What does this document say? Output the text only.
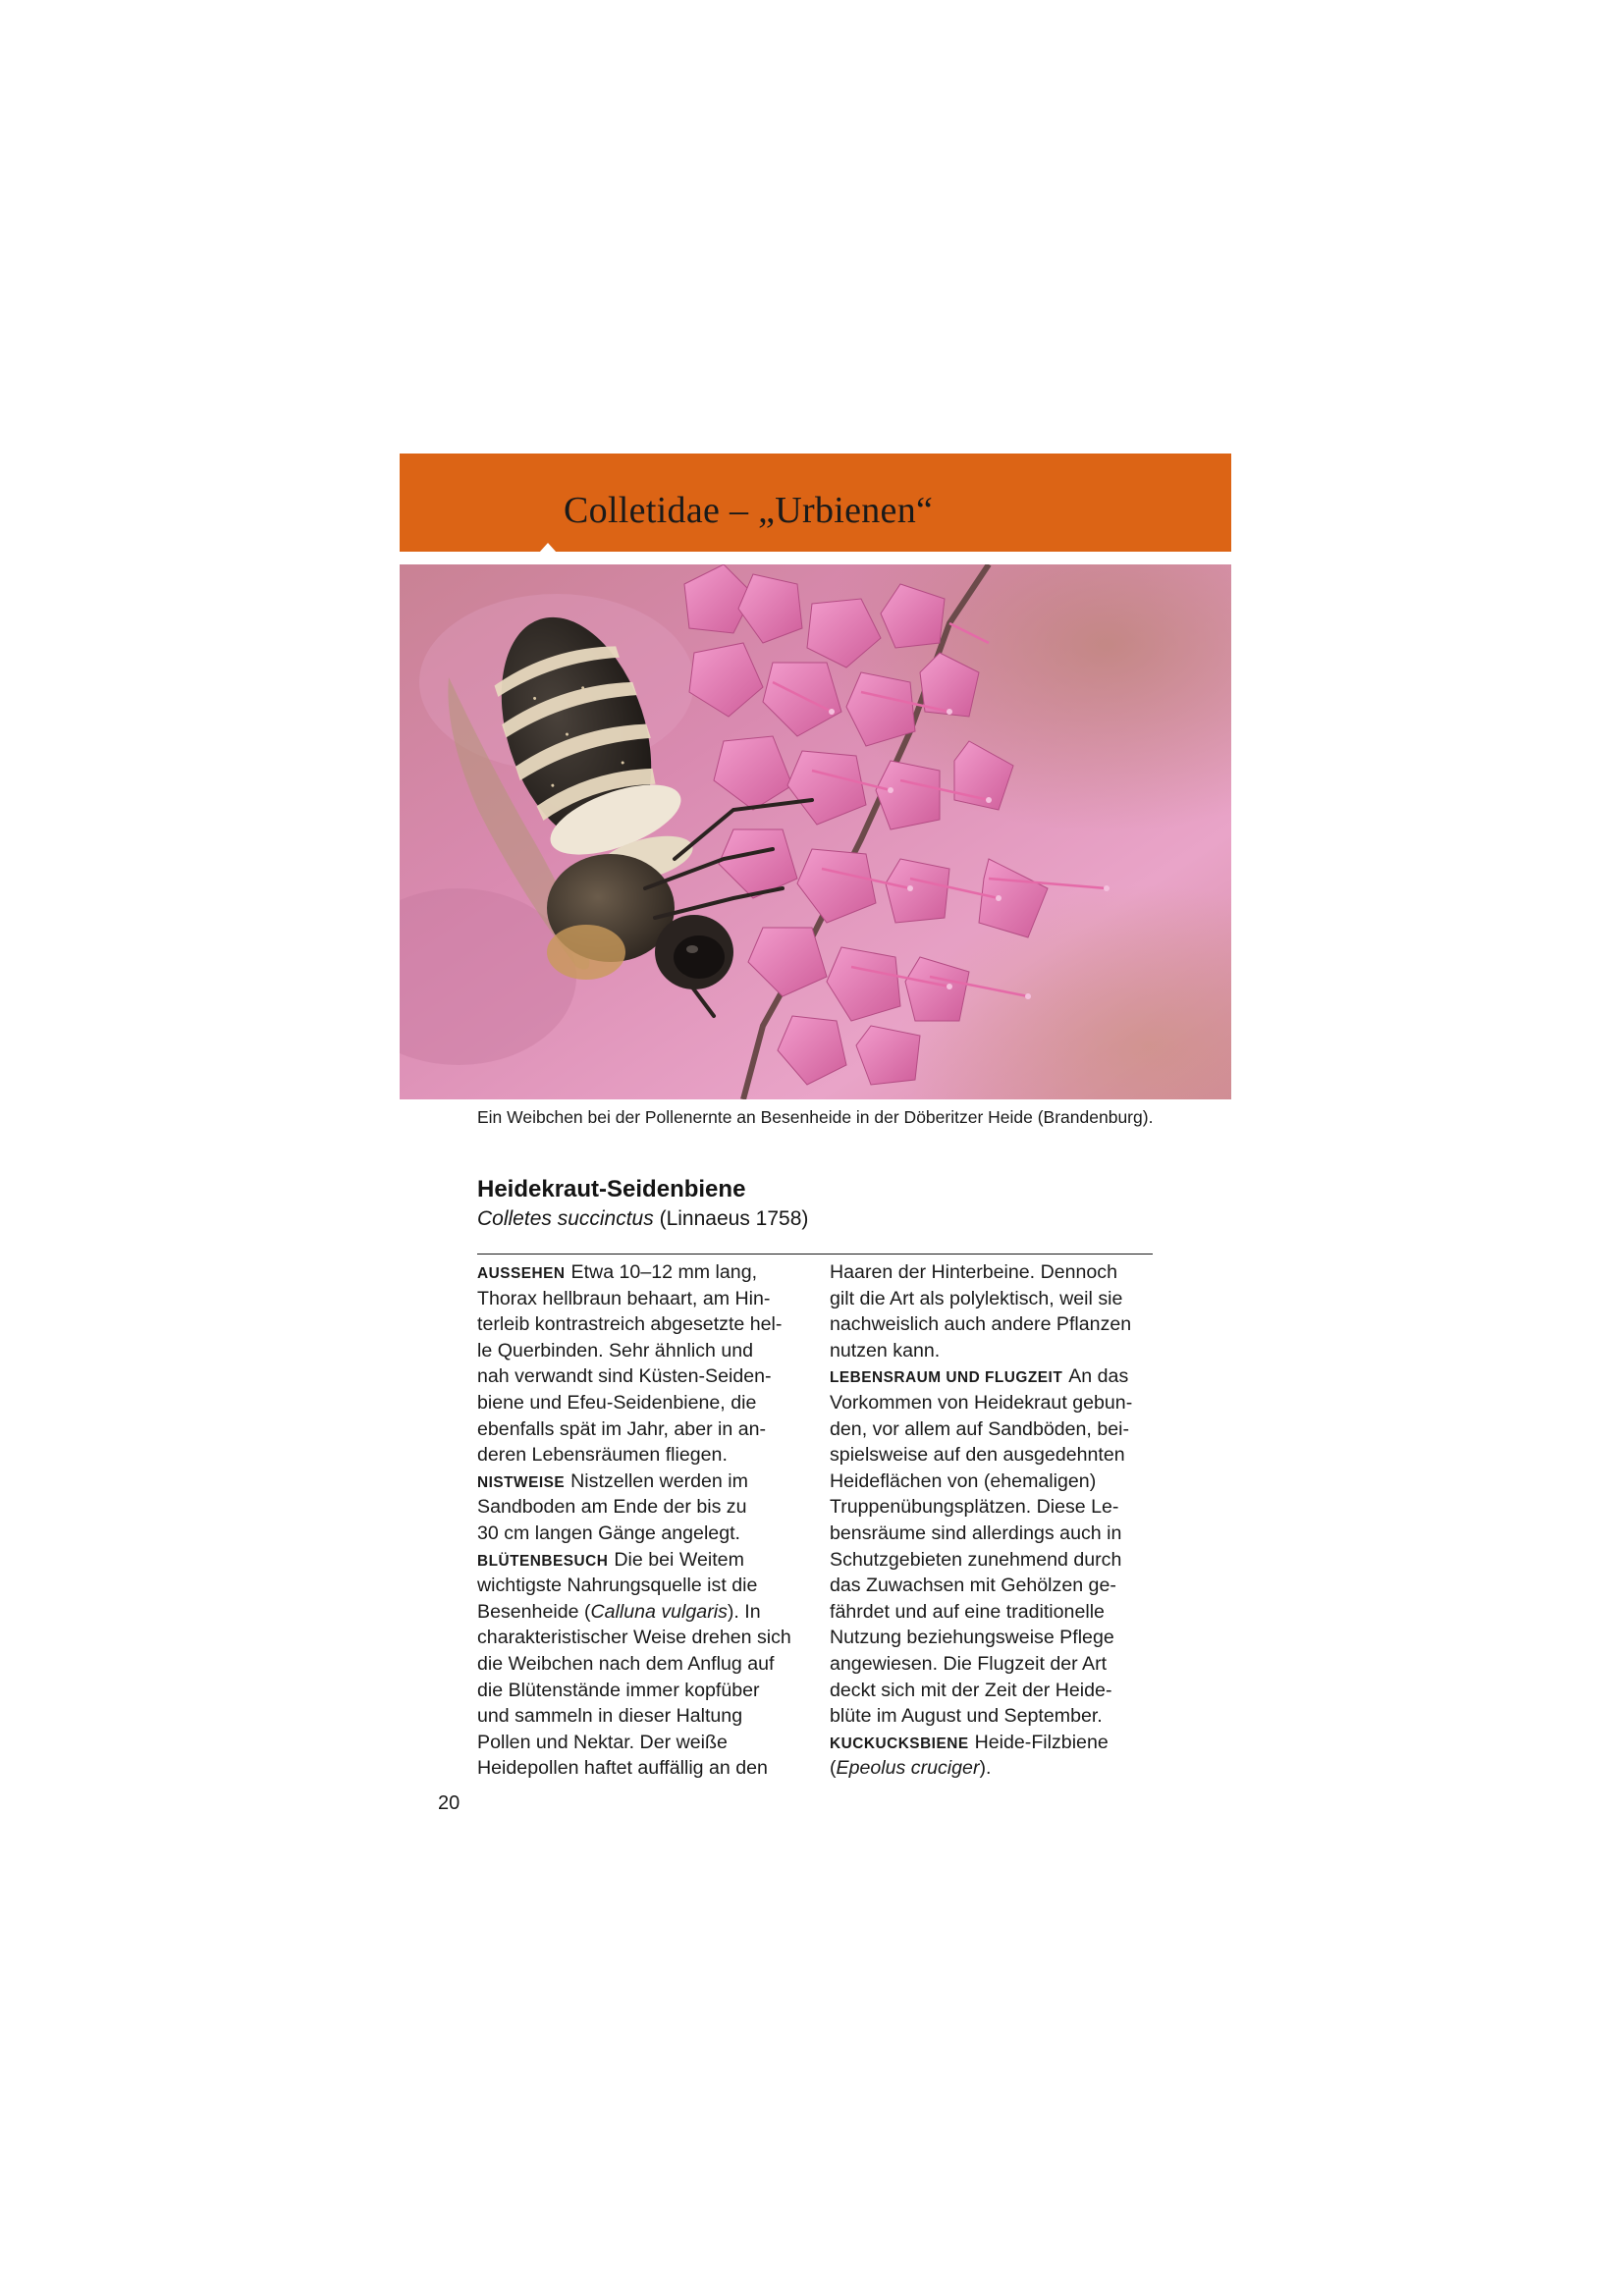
Colletidae – „Urbienen“
Ein Weibchen bei der Pollenernte an Besenheide in der Döberitzer Heide (Brandenburg).
Heidekraut-Seidenbiene
Colletes succinctus (Linnaeus 1758)
AUSSEHEN Etwa 10–12 mm lang,
Thorax hellbraun behaart, am Hin-
terleib kontrastreich abgesetzte hel-
le Querbinden. Sehr ähnlich und
nah verwandt sind Küsten-Seiden-
biene und Efeu-Seidenbiene, die
ebenfalls spät im Jahr, aber in an-
deren Lebensräumen fliegen.
NISTWEISE Nistzellen werden im
Sandboden am Ende der bis zu
30 cm langen Gänge angelegt.
BLÜTENBESUCH Die bei Weitem
wichtigste Nahrungsquelle ist die
Besenheide (Calluna vulgaris). In
charakteristischer Weise drehen sich
die Weibchen nach dem Anflug auf
die Blütenstände immer kopfüber
und sammeln in dieser Haltung
Pollen und Nektar. Der weiße
Heidepollen haftet auffällig an den
Haaren der Hinterbeine. Dennoch
gilt die Art als polylektisch, weil sie
nachweislich auch andere Pflanzen
nutzen kann.
LEBENSRAUM UND FLUGZEIT An das
Vorkommen von Heidekraut gebun-
den, vor allem auf Sandböden, bei-
spielsweise auf den ausgedehnten
Heideflächen von (ehemaligen)
Truppenübungsplätzen. Diese Le-
bensräume sind allerdings auch in
Schutzgebieten zunehmend durch
das Zuwachsen mit Gehölzen ge-
fährdet und auf eine traditionelle
Nutzung beziehungsweise Pflege
angewiesen. Die Flugzeit der Art
deckt sich mit der Zeit der Heide-
blüte im August und September.
KUCKUCKSBIENE Heide-Filzbiene
(Epeolus cruciger).
20
